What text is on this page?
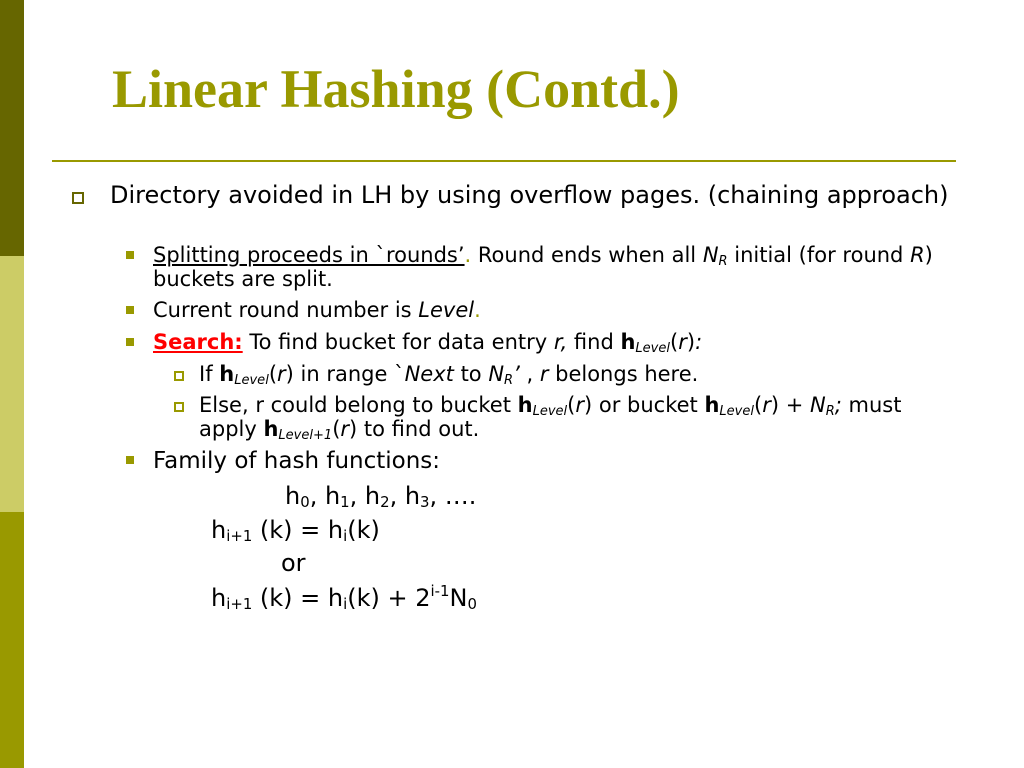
Linear Hashing (Contd.)
Directory avoided in LH by using overflow pages. (chaining approach)
Splitting proceeds in `rounds’. Round ends when all $N_R$ initial (for round R) buckets are split.
Current round number is Level.
Search: To find bucket for data entry r, find $h_{Level}(r)$:
If $h_{Level}(r)$ in range `Next to $N_R$’ , r belongs here.
Else, r could belong to bucket $h_{Level}(r)$ or bucket $h_{Level}(r) + N_R$; must apply $h_{Level+1}(r)$ to find out.
Family of hash functions:
$h_0$, $h_1$, $h_2$, $h_3$, ….
$h_{i+1}$ $(k) = h_i(k)$
or
$h_{i+1}$ $(k) = h_i(k) + 2^{i-1}N_0$
